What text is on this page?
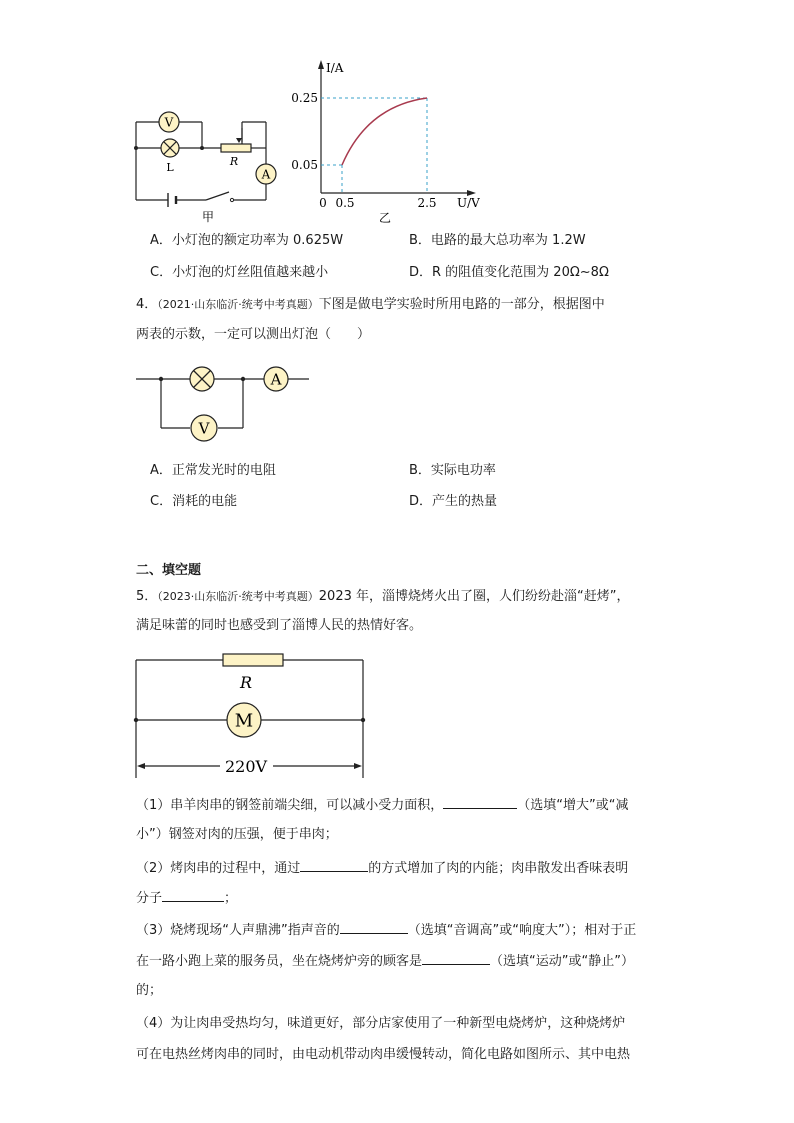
V
L	R
A
甲
I/A
U/V
0.25
0.05
0 0.5	2.5
乙
A．小灯泡的额定功率为 0.625W	B．电路的最大总功率为 1.2W
C．小灯泡的灯丝阻值越来越小	D．R 的阻值变化范围为 20Ω~8Ω
4．（2021·山东临沂·统考中考真题）下图是做电学实验时所用电路的一部分，根据图中
两表的示数，一定可以测出灯泡（　　）
A
V
A．正常发光时的电阻	B．实际电功率
C．消耗的电能	D．产生的热量
二、填空题
5．（2023·山东临沂·统考中考真题）2023 年，淄博烧烤火出了圈，人们纷纷赴淄“赶烤”，
满足味蕾的同时也感受到了淄博人民的热情好客。
R
M
220V
（1）串羊肉串的钢签前端尖细，可以减小受力面积，	（选填“增大”或“减
小”）钢签对肉的压强，便于串肉；
（2）烤肉串的过程中，通过	的方式增加了肉的内能；肉串散发出香味表明
分子	；
（3）烧烤现场“人声鼎沸”指声音的	（选填“音调高”或“响度大”）；相对于正
在一路小跑上菜的服务员，坐在烧烤炉旁的顾客是	（选填“运动”或“静止”）
的；
（4）为让肉串受热均匀，味道更好，部分店家使用了一种新型电烧烤炉，这种烧烤炉
可在电热丝烤肉串的同时，由电动机带动肉串缓慢转动，简化电路如图所示、其中电热
